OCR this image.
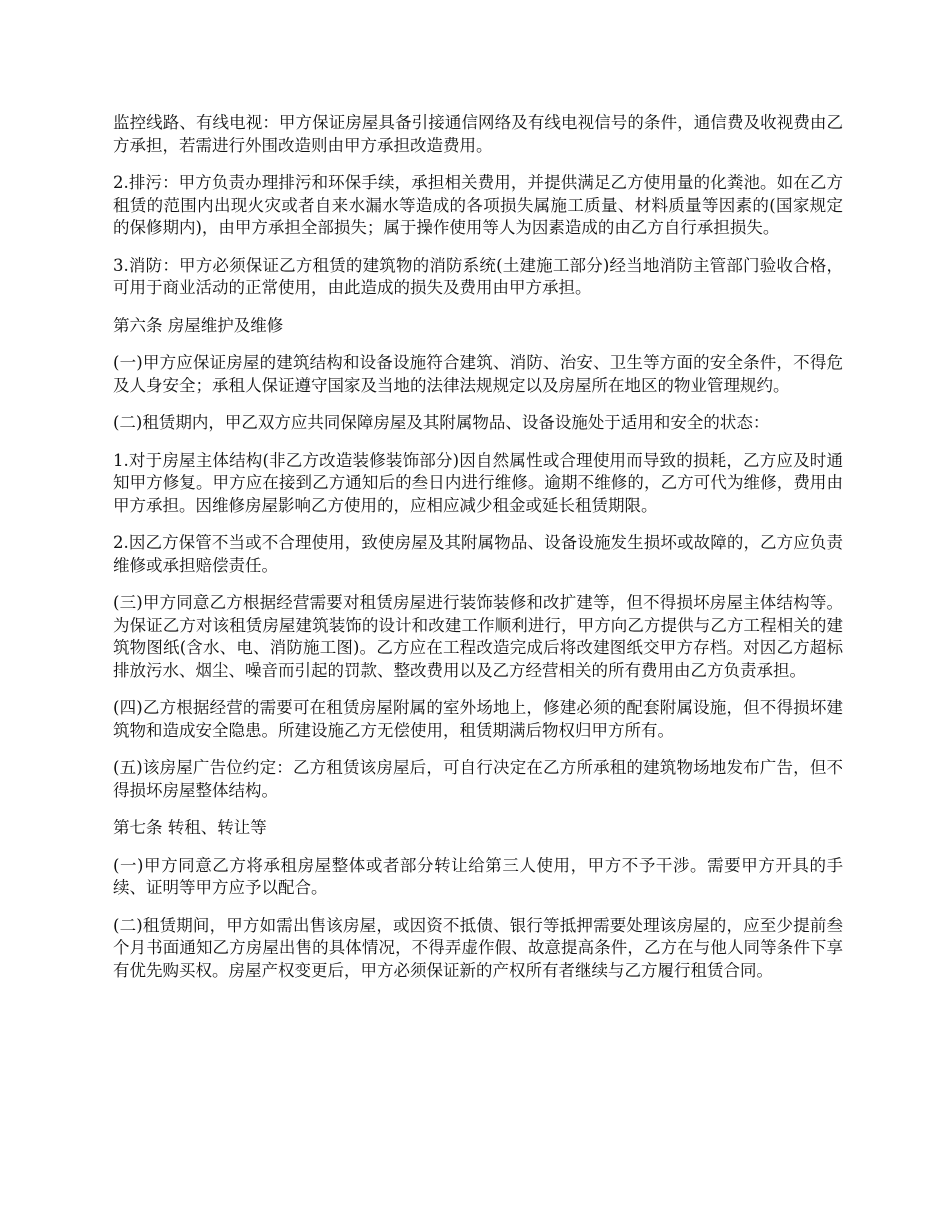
监控线路、有线电视：甲方保证房屋具备引接通信网络及有线电视信号的条件，通信费及收视费由乙方承担，若需进行外围改造则由甲方承担改造费用。

2.排污：甲方负责办理排污和环保手续，承担相关费用，并提供满足乙方使用量的化粪池。如在乙方租赁的范围内出现火灾或者自来水漏水等造成的各项损失属施工质量、材料质量等因素的(国家规定的保修期内)，由甲方承担全部损失；属于操作使用等人为因素造成的由乙方自行承担损失。

3.消防：甲方必须保证乙方租赁的建筑物的消防系统(土建施工部分)经当地消防主管部门验收合格，可用于商业活动的正常使用，由此造成的损失及费用由甲方承担。

第六条 房屋维护及维修

(一)甲方应保证房屋的建筑结构和设备设施符合建筑、消防、治安、卫生等方面的安全条件，不得危及人身安全；承租人保证遵守国家及当地的法律法规规定以及房屋所在地区的物业管理规约。

(二)租赁期内，甲乙双方应共同保障房屋及其附属物品、设备设施处于适用和安全的状态：

1.对于房屋主体结构(非乙方改造装修装饰部分)因自然属性或合理使用而导致的损耗，乙方应及时通知甲方修复。甲方应在接到乙方通知后的叁日内进行维修。逾期不维修的，乙方可代为维修，费用由甲方承担。因维修房屋影响乙方使用的，应相应减少租金或延长租赁期限。

2.因乙方保管不当或不合理使用，致使房屋及其附属物品、设备设施发生损坏或故障的，乙方应负责维修或承担赔偿责任。

(三)甲方同意乙方根据经营需要对租赁房屋进行装饰装修和改扩建等，但不得损坏房屋主体结构等。为保证乙方对该租赁房屋建筑装饰的设计和改建工作顺利进行，甲方向乙方提供与乙方工程相关的建筑物图纸(含水、电、消防施工图)。乙方应在工程改造完成后将改建图纸交甲方存档。对因乙方超标排放污水、烟尘、噪音而引起的罚款、整改费用以及乙方经营相关的所有费用由乙方负责承担。

(四)乙方根据经营的需要可在租赁房屋附属的室外场地上，修建必须的配套附属设施，但不得损坏建筑物和造成安全隐患。所建设施乙方无偿使用，租赁期满后物权归甲方所有。

(五)该房屋广告位约定：乙方租赁该房屋后，可自行决定在乙方所承租的建筑物场地发布广告，但不得损坏房屋整体结构。

第七条 转租、转让等

(一)甲方同意乙方将承租房屋整体或者部分转让给第三人使用，甲方不予干涉。需要甲方开具的手续、证明等甲方应予以配合。

(二)租赁期间，甲方如需出售该房屋，或因资不抵债、银行等抵押需要处理该房屋的，应至少提前叁个月书面通知乙方房屋出售的具体情况，不得弄虚作假、故意提高条件，乙方在与他人同等条件下享有优先购买权。房屋产权变更后，甲方必须保证新的产权所有者继续与乙方履行租赁合同。
